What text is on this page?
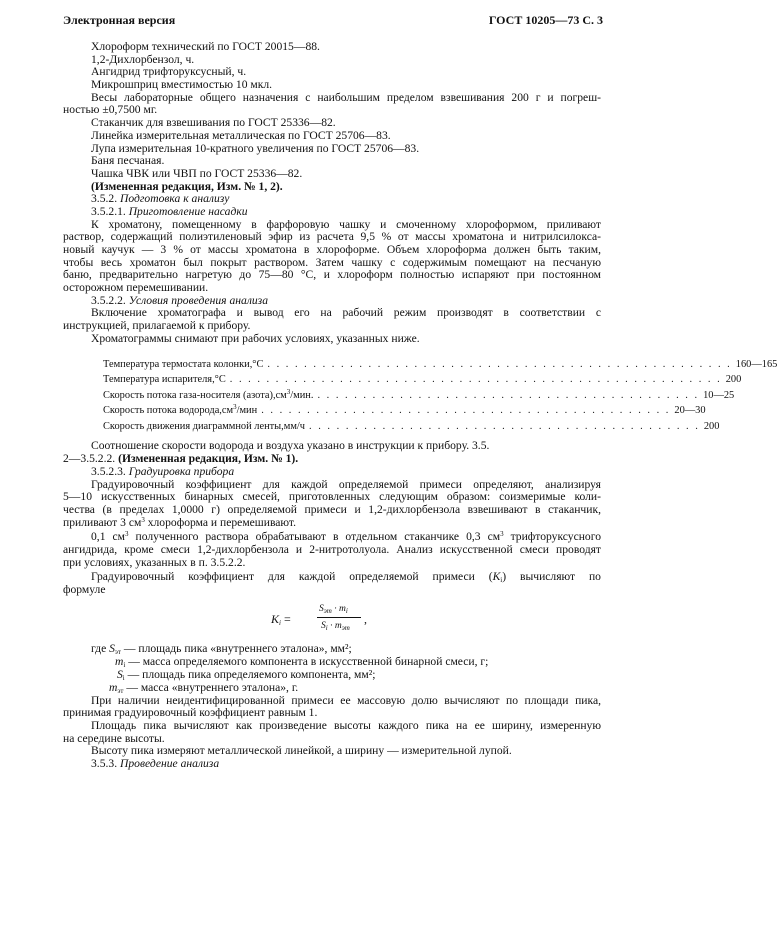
Электронная версия	ГОСТ 10205—73 С. 3
Хлороформ технический по ГОСТ 20015—88.
1,2-Дихлорбензол, ч.
Ангидрид трифторуксусный, ч.
Микрошприц вместимостью 10 мкл.
Весы лабораторные общего назначения с наибольшим пределом взвешивания 200 г и погреш-
ностью ±0,7500 мг.
Стаканчик для взвешивания по ГОСТ 25336—82.
Линейка измерительная металлическая по ГОСТ 25706—83.
Лупа измерительная 10-кратного увеличения по ГОСТ 25706—83.
Баня песчаная.
Чашка ЧВК или ЧВП по ГОСТ 25336—82.
(Измененная редакция, Изм. № 1, 2).
3.5.2. Подготовка к анализу
3.5.2.1. Приготовление насадки
К хроматону, помещенному в фарфоровую чашку и смоченному хлороформом, приливают
раствор, содержащий полиэтиленовый эфир из расчета 9,5 % от массы хроматона и нитрилсилокса-
новый каучук — 3 % от массы хроматона в хлороформе. Объем хлороформа должен быть таким,
чтобы весь хроматон был покрыт раствором. Затем чашку с содержимым помещают на песчаную
баню, предварительно нагретую до 75—80 °С, и хлороформ полностью испаряют при постоянном
осторожном перемешивании.
3.5.2.2. Условия проведения анализа
Включение хроматографа и вывод его на рабочий режим производят в соответствии с
инструкцией, прилагаемой к прибору.
Хроматограммы снимают при рабочих условиях, указанных ниже.
Температура термостата колонки,°С . . . . . . . . . . . . . . . . . . . . . . . . . . . . . . . . . . . . . . . . . . . . . . . . . . . 160—165
Температура испарителя,°С . . . . . . . . . . . . . . . . . . . . . . . . . . . . . . . . . . . . . . . . . . . . . . . . . . . . . . 200
Скорость потока газа-носителя $(азота),см^3$/мин. . . . . . . . . . . . . . . . . . . . . . . . . . . . . . . . . . . . . . . . . . . 10—25
Скорость потока $водорода,см^3$/мин . . . . . . . . . . . . . . . . . . . . . . . . . . . . . . . . . . . . . . . . . . . . . 20—30
Скорость движения диаграммной ленты,мм/ч . . . . . . . . . . . . . . . . . . . . . . . . . . . . . . . . . . . . . . . . . . . 200
Соотношение скорости водорода и воздуха указано в инструкции к прибору. 3.5.
2—3.5.2.2. (Измененная редакция, Изм. № 1).
3.5.2.3. Градуировка прибора
Градуировочный коэффициент для каждой определяемой примеси определяют, анализируя
5—10 искусственных бинарных смесей, приготовленных следующим образом: соизмеримые коли-
чества (в пределах 1,0000 г) определяемой примеси и 1,2-дихлорбензола взвешивают в стаканчик,
приливают 3 $см^3$ хлороформа и перемешивают.
0,1 $см^3$ полученного раствора обрабатывают в отдельном стаканчике 0,3 $см^3$ трифторуксусного
ангидрида, кроме смеси 1,2-дихлорбензола и 2-нитротолуола. Анализ искусственной смеси проводят
при условиях, указанных в п. 3.5.2.2.
Градуировочный коэффициент для каждой определяемой примеси $(K_i)$ вычисляют по
формуле
$K_i$ =
$S_{эт} \cdot m_i$
$S_i \cdot m_{эт}$
,
где $S_{эт}$ — площадь пика «внутреннего эталона», мм²;
$m_i$ — масса определяемого компонента в искусственной бинарной смеси, г;
$S_i$ — площадь пика определяемого компонента, мм²;
$m_{эт}$ — масса «внутреннего эталона», г.
При наличии неидентифицированной примеси ее массовую долю вычисляют по площади пика,
принимая градуировочный коэффициент равным 1.
Площадь пика вычисляют как произведение высоты каждого пика на ее ширину, измеренную
на середине высоты.
Высоту пика измеряют металлической линейкой, а ширину — измерительной лупой.
3.5.3. Проведение анализа
